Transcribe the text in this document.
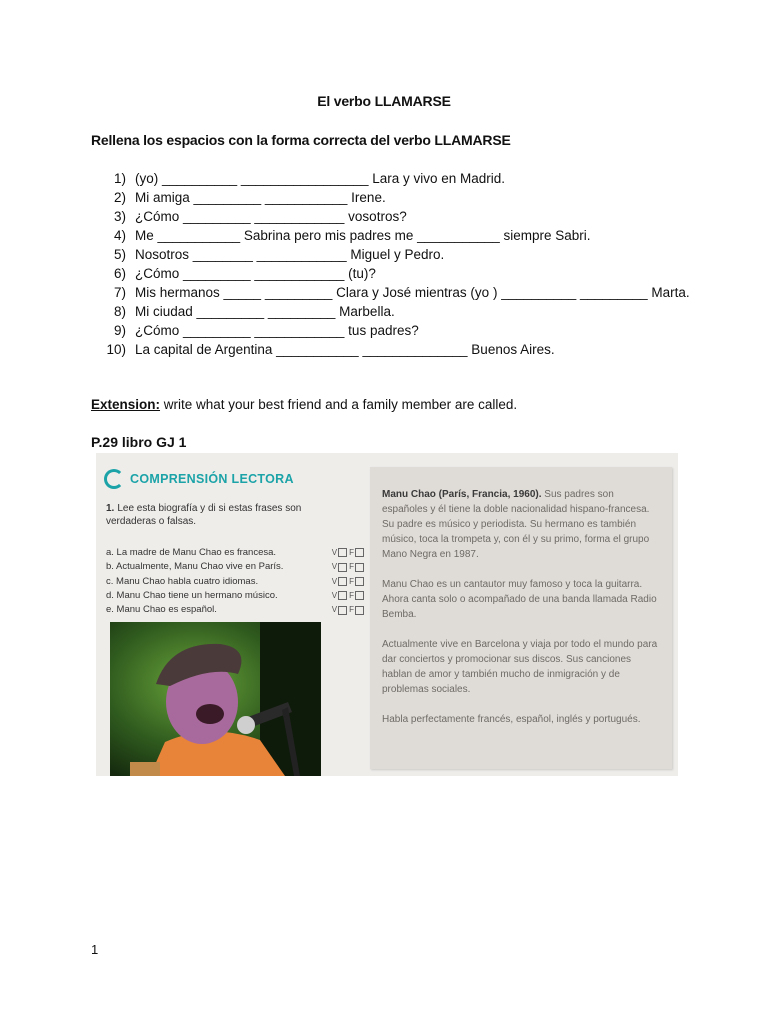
El verbo LLAMARSE
Rellena los espacios con la forma correcta del verbo LLAMARSE
1) (yo) __________ _________________ Lara y vivo en Madrid.
2) Mi amiga _________ ___________ Irene.
3) ¿Cómo _________ ____________ vosotros?
4) Me ___________ Sabrina pero mis padres me ___________ siempre Sabri.
5) Nosotros ________ ____________ Miguel y Pedro.
6) ¿Cómo _________ ____________ (tu)?
7) Mis hermanos _____ _________ Clara y José mientras (yo ) __________ _________ Marta.
8) Mi ciudad _________ _________ Marbella.
9) ¿Cómo _________ ____________ tus padres?
10) La capital de Argentina ___________ ______________ Buenos Aires.
Extension: write what your best friend and a family member are called.
P.29 libro GJ 1
COMPRENSIÓN LECTORA
1. Lee esta biografía y di si estas frases son verdaderas o falsas.
a. La madre de Manu Chao es francesa.	V F
b. Actualmente, Manu Chao vive en París.	V F
c. Manu Chao habla cuatro idiomas.	V F
d. Manu Chao tiene un hermano músico.	V F
e. Manu Chao es español.	V F

Manu Chao (París, Francia, 1960). Sus padres son españoles y él tiene la doble nacionalidad hispano-francesa. Su padre es músico y periodista. Su hermano es también músico, toca la trompeta y, con él y su primo, forma el grupo Mano Negra en 1987.

Manu Chao es un cantautor muy famoso y toca la guitarra. Ahora canta solo o acompañado de una banda llamada Radio Bemba.

Actualmente vive en Barcelona y viaja por todo el mundo para dar conciertos y promocionar sus discos. Sus canciones hablan de amor y también mucho de inmigración y de problemas sociales.

Habla perfectamente francés, español, inglés y portugués.

1
